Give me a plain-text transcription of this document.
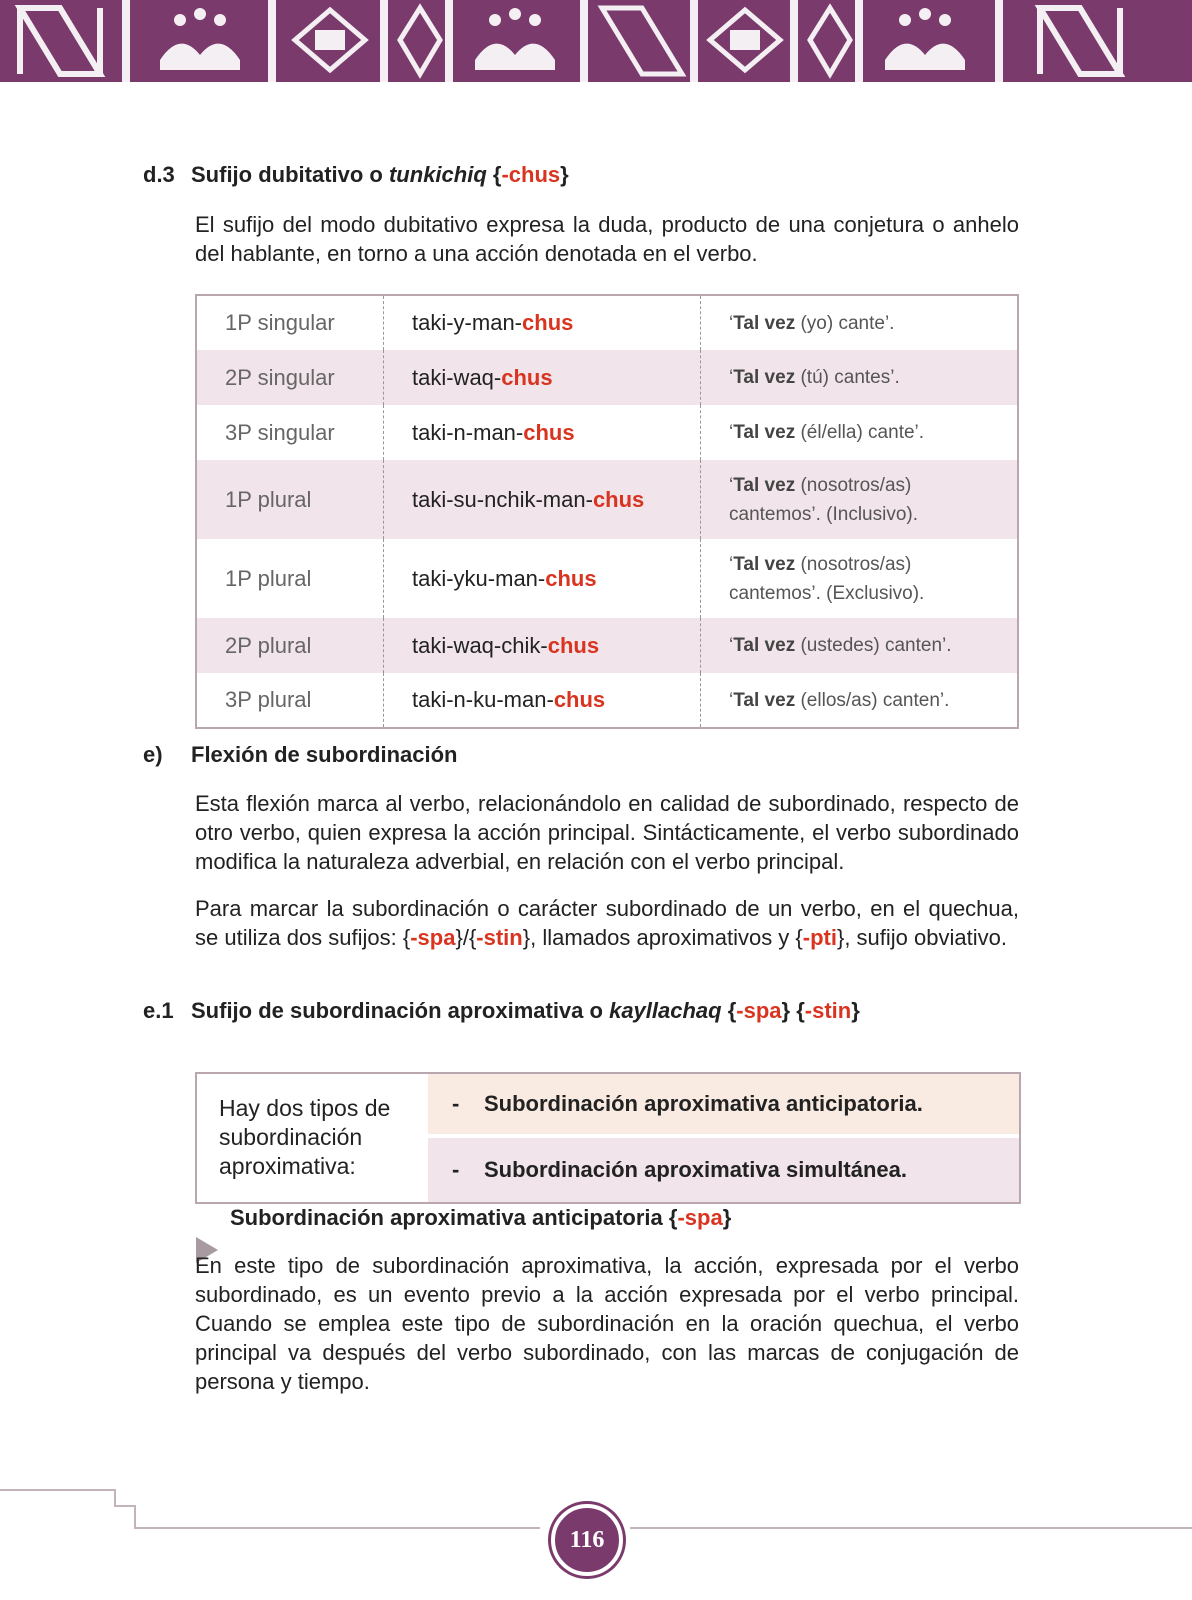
d.3 Sufijo dubitativo o tunkichiq {-chus}
El sufijo del modo dubitativo expresa la duda, producto de una conjetura o anhelo del hablante, en torno a una acción denotada en el verbo.
1P singular	taki-y-man-chus	‘Tal vez (yo) cante’.
2P singular	taki-waq-chus	‘Tal vez (tú) cantes’.
3P singular	taki-n-man-chus	‘Tal vez (él/ella) cante’.
1P plural	taki-su-nchik-man-chus	‘Tal vez (nosotros/as) cantemos’. (Inclusivo).
1P plural	taki-yku-man-chus	‘Tal vez (nosotros/as) cantemos’. (Exclusivo).
2P plural	taki-waq-chik-chus	‘Tal vez (ustedes) canten’.
3P plural	taki-n-ku-man-chus	‘Tal vez (ellos/as) canten’.
e) Flexión de subordinación
Esta flexión marca al verbo, relacionándolo en calidad de subordinado, respecto de otro verbo, quien expresa la acción principal. Sintácticamente, el verbo subordinado modifica la naturaleza adverbial, en relación con el verbo principal.
Para marcar la subordinación o carácter subordinado de un verbo, en el quechua, se utiliza dos sufijos: {-spa}/{-stin}, llamados aproximativos y {-pti}, sufijo obviativo.
e.1 Sufijo de subordinación aproximativa o kayllachaq {-spa} {-stin}
Hay dos tipos de subordinación aproximativa:
- Subordinación aproximativa anticipatoria.
- Subordinación aproximativa simultánea.
Subordinación aproximativa anticipatoria {-spa}
En este tipo de subordinación aproximativa, la acción, expresada por el verbo subordinado, es un evento previo a la acción expresada por el verbo principal. Cuando se emplea este tipo de subordinación en la oración quechua, el verbo principal va después del verbo subordinado, con las marcas de conjugación de persona y tiempo.
116
